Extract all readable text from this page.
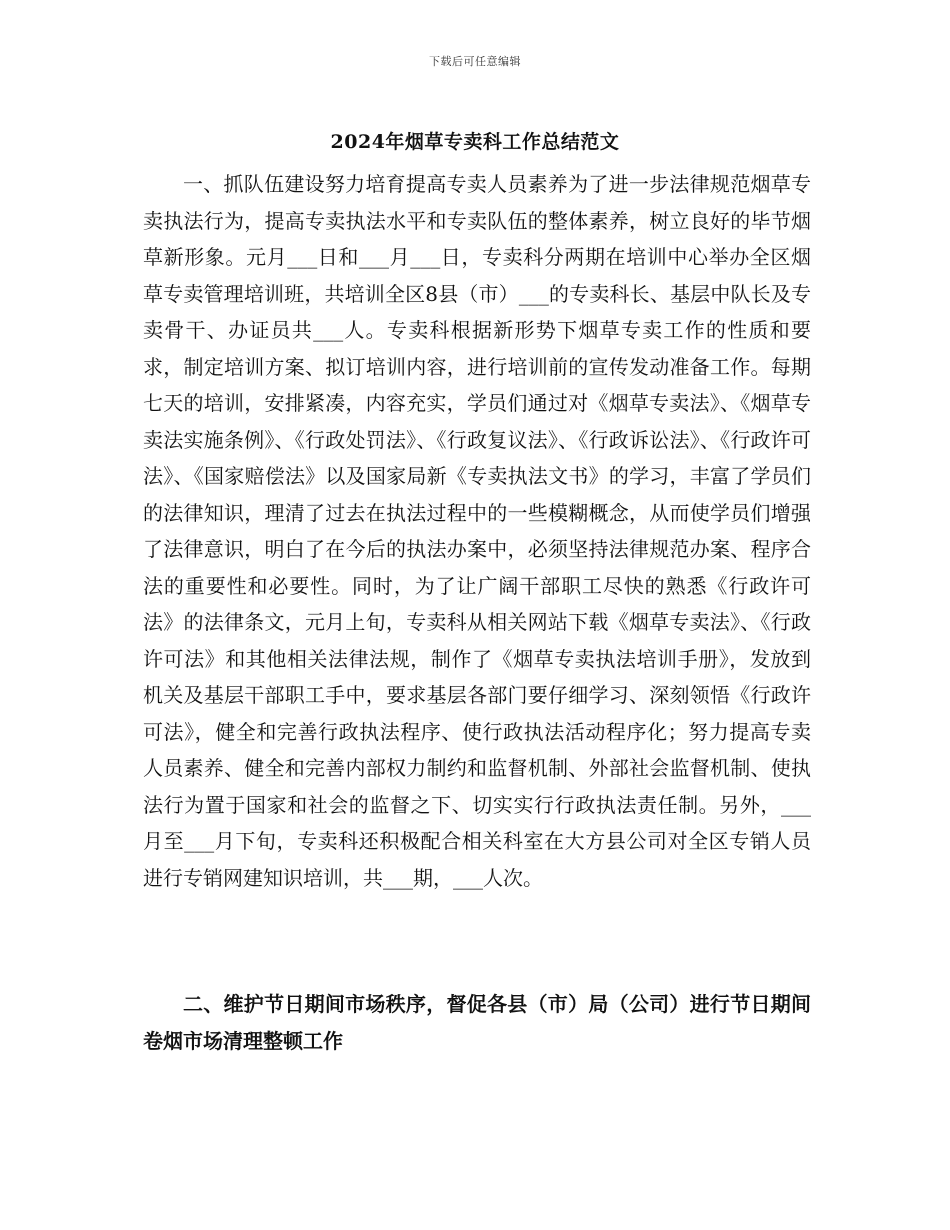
下载后可任意编辑
2024年烟草专卖科工作总结范文

一、抓队伍建设努力培育提高专卖人员素养为了进一步法律规范烟草专卖执法行为，提高专卖执法水平和专卖队伍的整体素养，树立良好的毕节烟草新形象。元月___日和___月___日，专卖科分两期在培训中心举办全区烟草专卖管理培训班，共培训全区8县（市）___的专卖科长、基层中队长及专卖骨干、办证员共___人。专卖科根据新形势下烟草专卖工作的性质和要求，制定培训方案、拟订培训内容，进行培训前的宣传发动准备工作。每期七天的培训，安排紧凑，内容充实，学员们通过对《烟草专卖法》、《烟草专卖法实施条例》、《行政处罚法》、《行政复议法》、《行政诉讼法》、《行政许可法》、《国家赔偿法》以及国家局新《专卖执法文书》的学习，丰富了学员们的法律知识，理清了过去在执法过程中的一些模糊概念，从而使学员们增强了法律意识，明白了在今后的执法办案中，必须坚持法律规范办案、程序合法的重要性和必要性。同时，为了让广阔干部职工尽快的熟悉《行政许可法》的法律条文，元月上旬，专卖科从相关网站下载《烟草专卖法》、《行政许可法》和其他相关法律法规，制作了《烟草专卖执法培训手册》，发放到机关及基层干部职工手中，要求基层各部门要仔细学习、深刻领悟《行政许可法》，健全和完善行政执法程序、使行政执法活动程序化；努力提高专卖人员素养、健全和完善内部权力制约和监督机制、外部社会监督机制、使执法行为置于国家和社会的监督之下、切实实行行政执法责任制。另外，___月至___月下旬，专卖科还积极配合相关科室在大方县公司对全区专销人员进行专销网建知识培训，共___期，___人次。

二、维护节日期间市场秩序，督促各县（市）局（公司）进行节日期间卷烟市场清理整顿工作
